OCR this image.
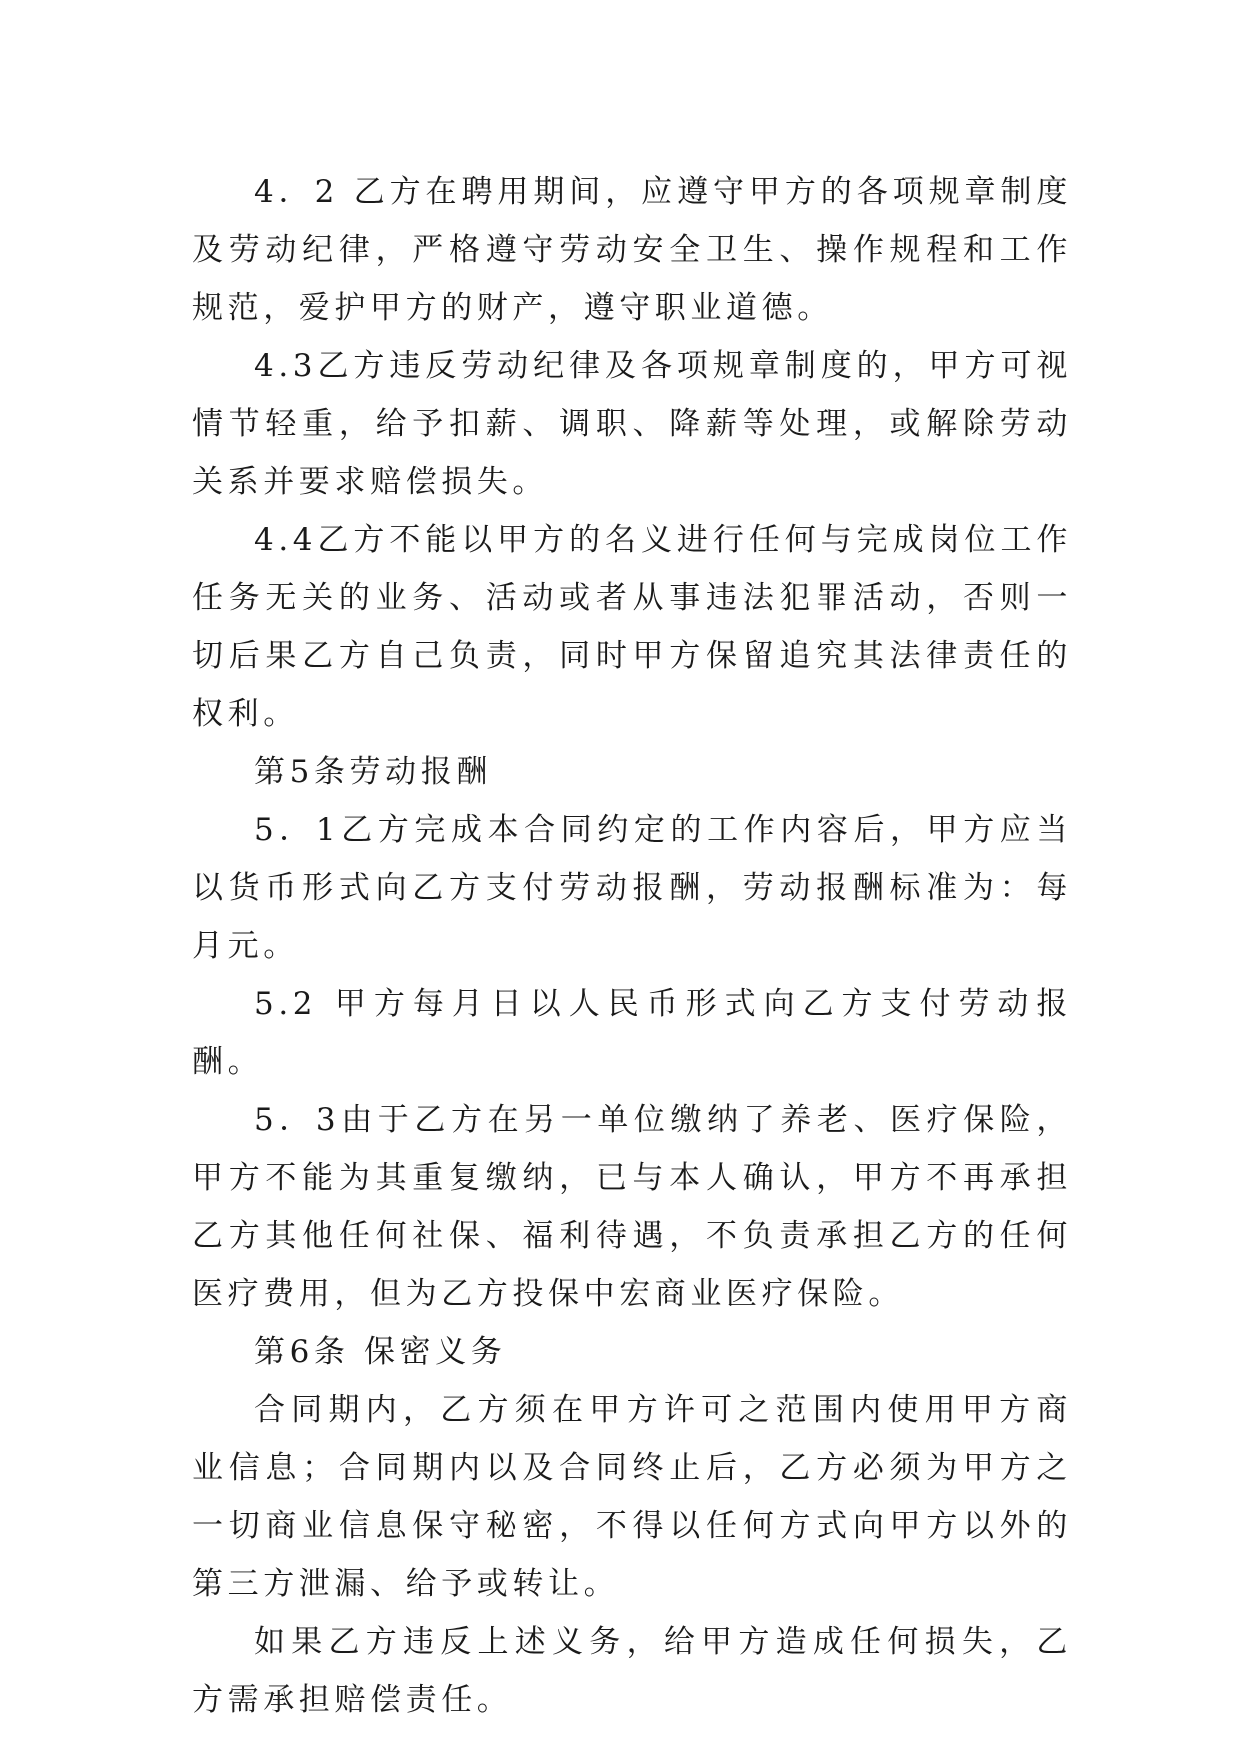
4．2 乙方在聘用期间，应遵守甲方的各项规章制度及劳动纪律，严格遵守劳动安全卫生、操作规程和工作规范，爱护甲方的财产，遵守职业道德。

4.3乙方违反劳动纪律及各项规章制度的，甲方可视情节轻重，给予扣薪、调职、降薪等处理，或解除劳动关系并要求赔偿损失。

4.4乙方不能以甲方的名义进行任何与完成岗位工作任务无关的业务、活动或者从事违法犯罪活动，否则一切后果乙方自己负责，同时甲方保留追究其法律责任的权利。

第5条劳动报酬

5．1乙方完成本合同约定的工作内容后，甲方应当以货币形式向乙方支付劳动报酬，劳动报酬标准为：每月元。

5.2 甲方每月日以人民币形式向乙方支付劳动报酬。

5．3由于乙方在另一单位缴纳了养老、医疗保险，甲方不能为其重复缴纳，已与本人确认，甲方不再承担乙方其他任何社保、福利待遇，不负责承担乙方的任何医疗费用，但为乙方投保中宏商业医疗保险。

第6条 保密义务

合同期内，乙方须在甲方许可之范围内使用甲方商业信息；合同期内以及合同终止后，乙方必须为甲方之一切商业信息保守秘密，不得以任何方式向甲方以外的第三方泄漏、给予或转让。

如果乙方违反上述义务，给甲方造成任何损失，乙方需承担赔偿责任。
